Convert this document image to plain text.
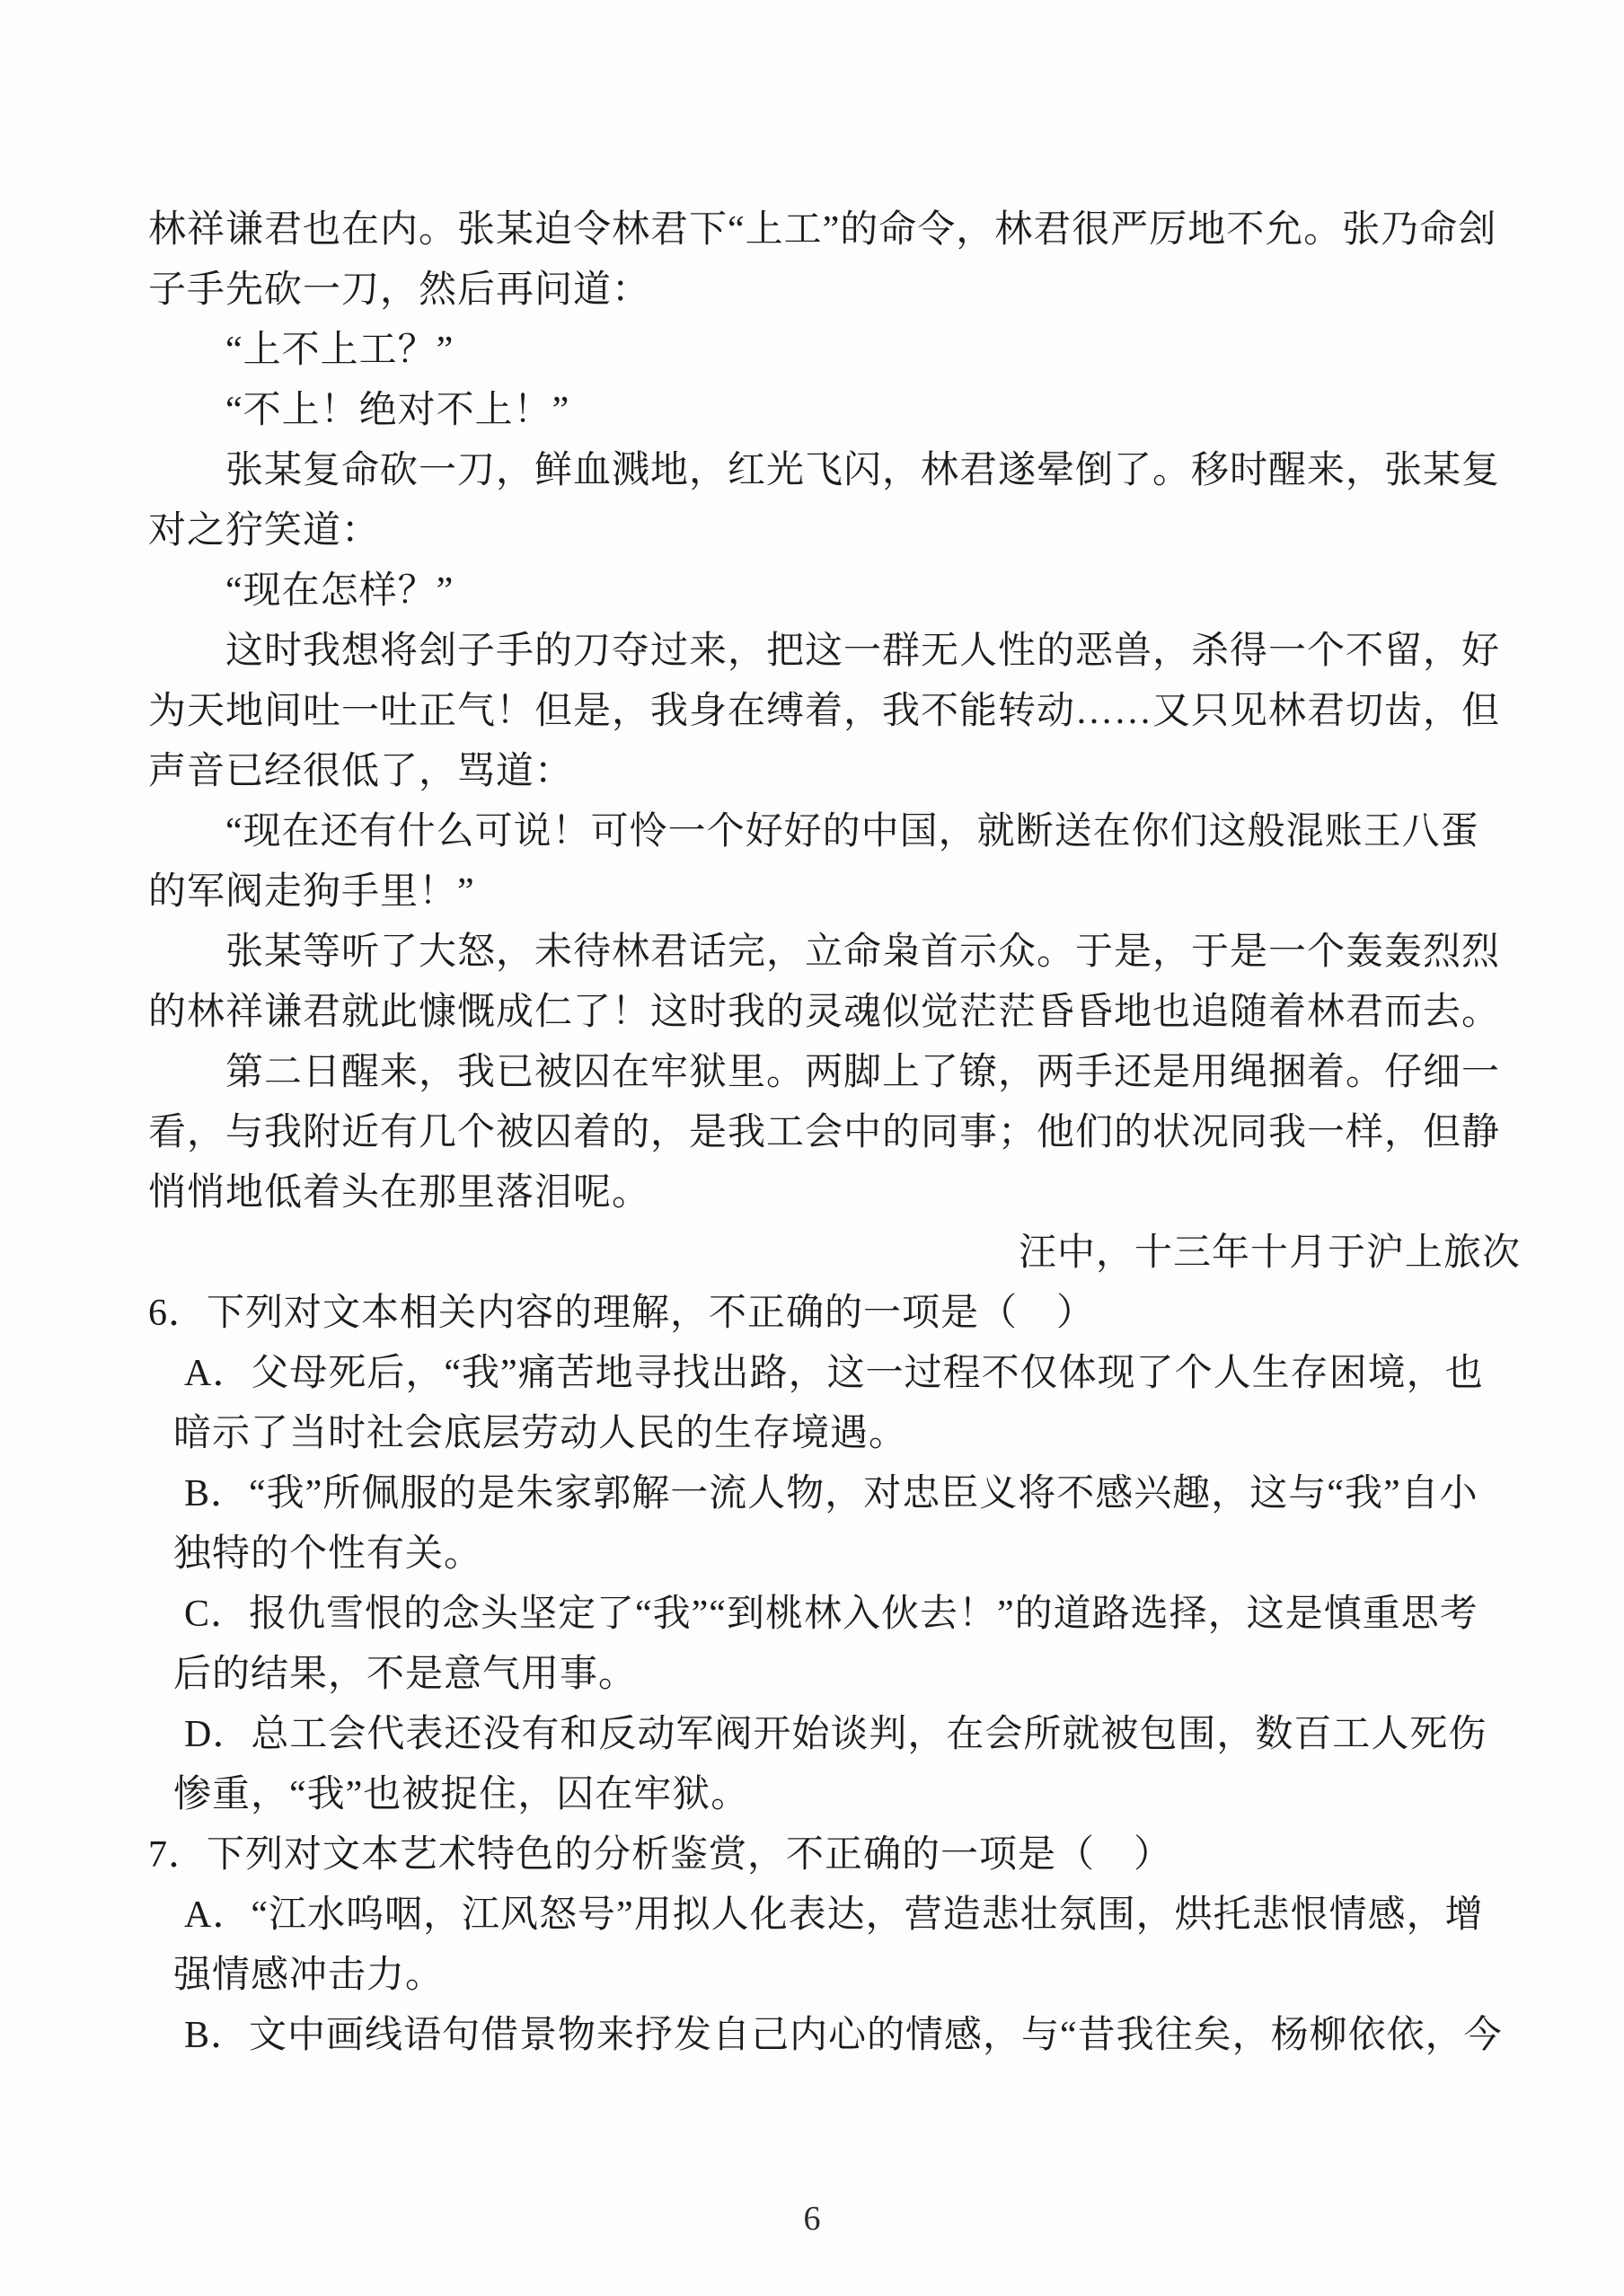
林祥谦君也在内。张某迫令林君下“上工”的命令，林君很严厉地不允。张乃命刽
子手先砍一刀，然后再问道：
“上不上工？”
“不上！绝对不上！”
张某复命砍一刀，鲜血溅地，红光飞闪，林君遂晕倒了。移时醒来，张某复
对之狞笑道：
“现在怎样？”
这时我想将刽子手的刀夺过来，把这一群无人性的恶兽，杀得一个不留，好
为天地间吐一吐正气！但是，我身在缚着，我不能转动……又只见林君切齿，但
声音已经很低了，骂道：
“现在还有什么可说！可怜一个好好的中国，就断送在你们这般混账王八蛋
的军阀走狗手里！”
张某等听了大怒，未待林君话完，立命枭首示众。于是，于是一个轰轰烈烈
的林祥谦君就此慷慨成仁了！这时我的灵魂似觉茫茫昏昏地也追随着林君而去。
第二日醒来，我已被囚在牢狱里。两脚上了镣，两手还是用绳捆着。仔细一
看，与我附近有几个被囚着的，是我工会中的同事；他们的状况同我一样，但静
悄悄地低着头在那里落泪呢。
汪中，十三年十月于沪上旅次
6．下列对文本相关内容的理解，不正确的一项是（　）
A．父母死后，“我”痛苦地寻找出路，这一过程不仅体现了个人生存困境，也
暗示了当时社会底层劳动人民的生存境遇。
B．“我”所佩服的是朱家郭解一流人物，对忠臣义将不感兴趣，这与“我”自小
独特的个性有关。
C．报仇雪恨的念头坚定了“我”“到桃林入伙去！”的道路选择，这是慎重思考
后的结果，不是意气用事。
D．总工会代表还没有和反动军阀开始谈判，在会所就被包围，数百工人死伤
惨重，“我”也被捉住，囚在牢狱。
7．下列对文本艺术特色的分析鉴赏，不正确的一项是（　）
A．“江水呜咽，江风怒号”用拟人化表达，营造悲壮氛围，烘托悲恨情感，增
强情感冲击力。
B．文中画线语句借景物来抒发自己内心的情感，与“昔我往矣，杨柳依依，今
6
